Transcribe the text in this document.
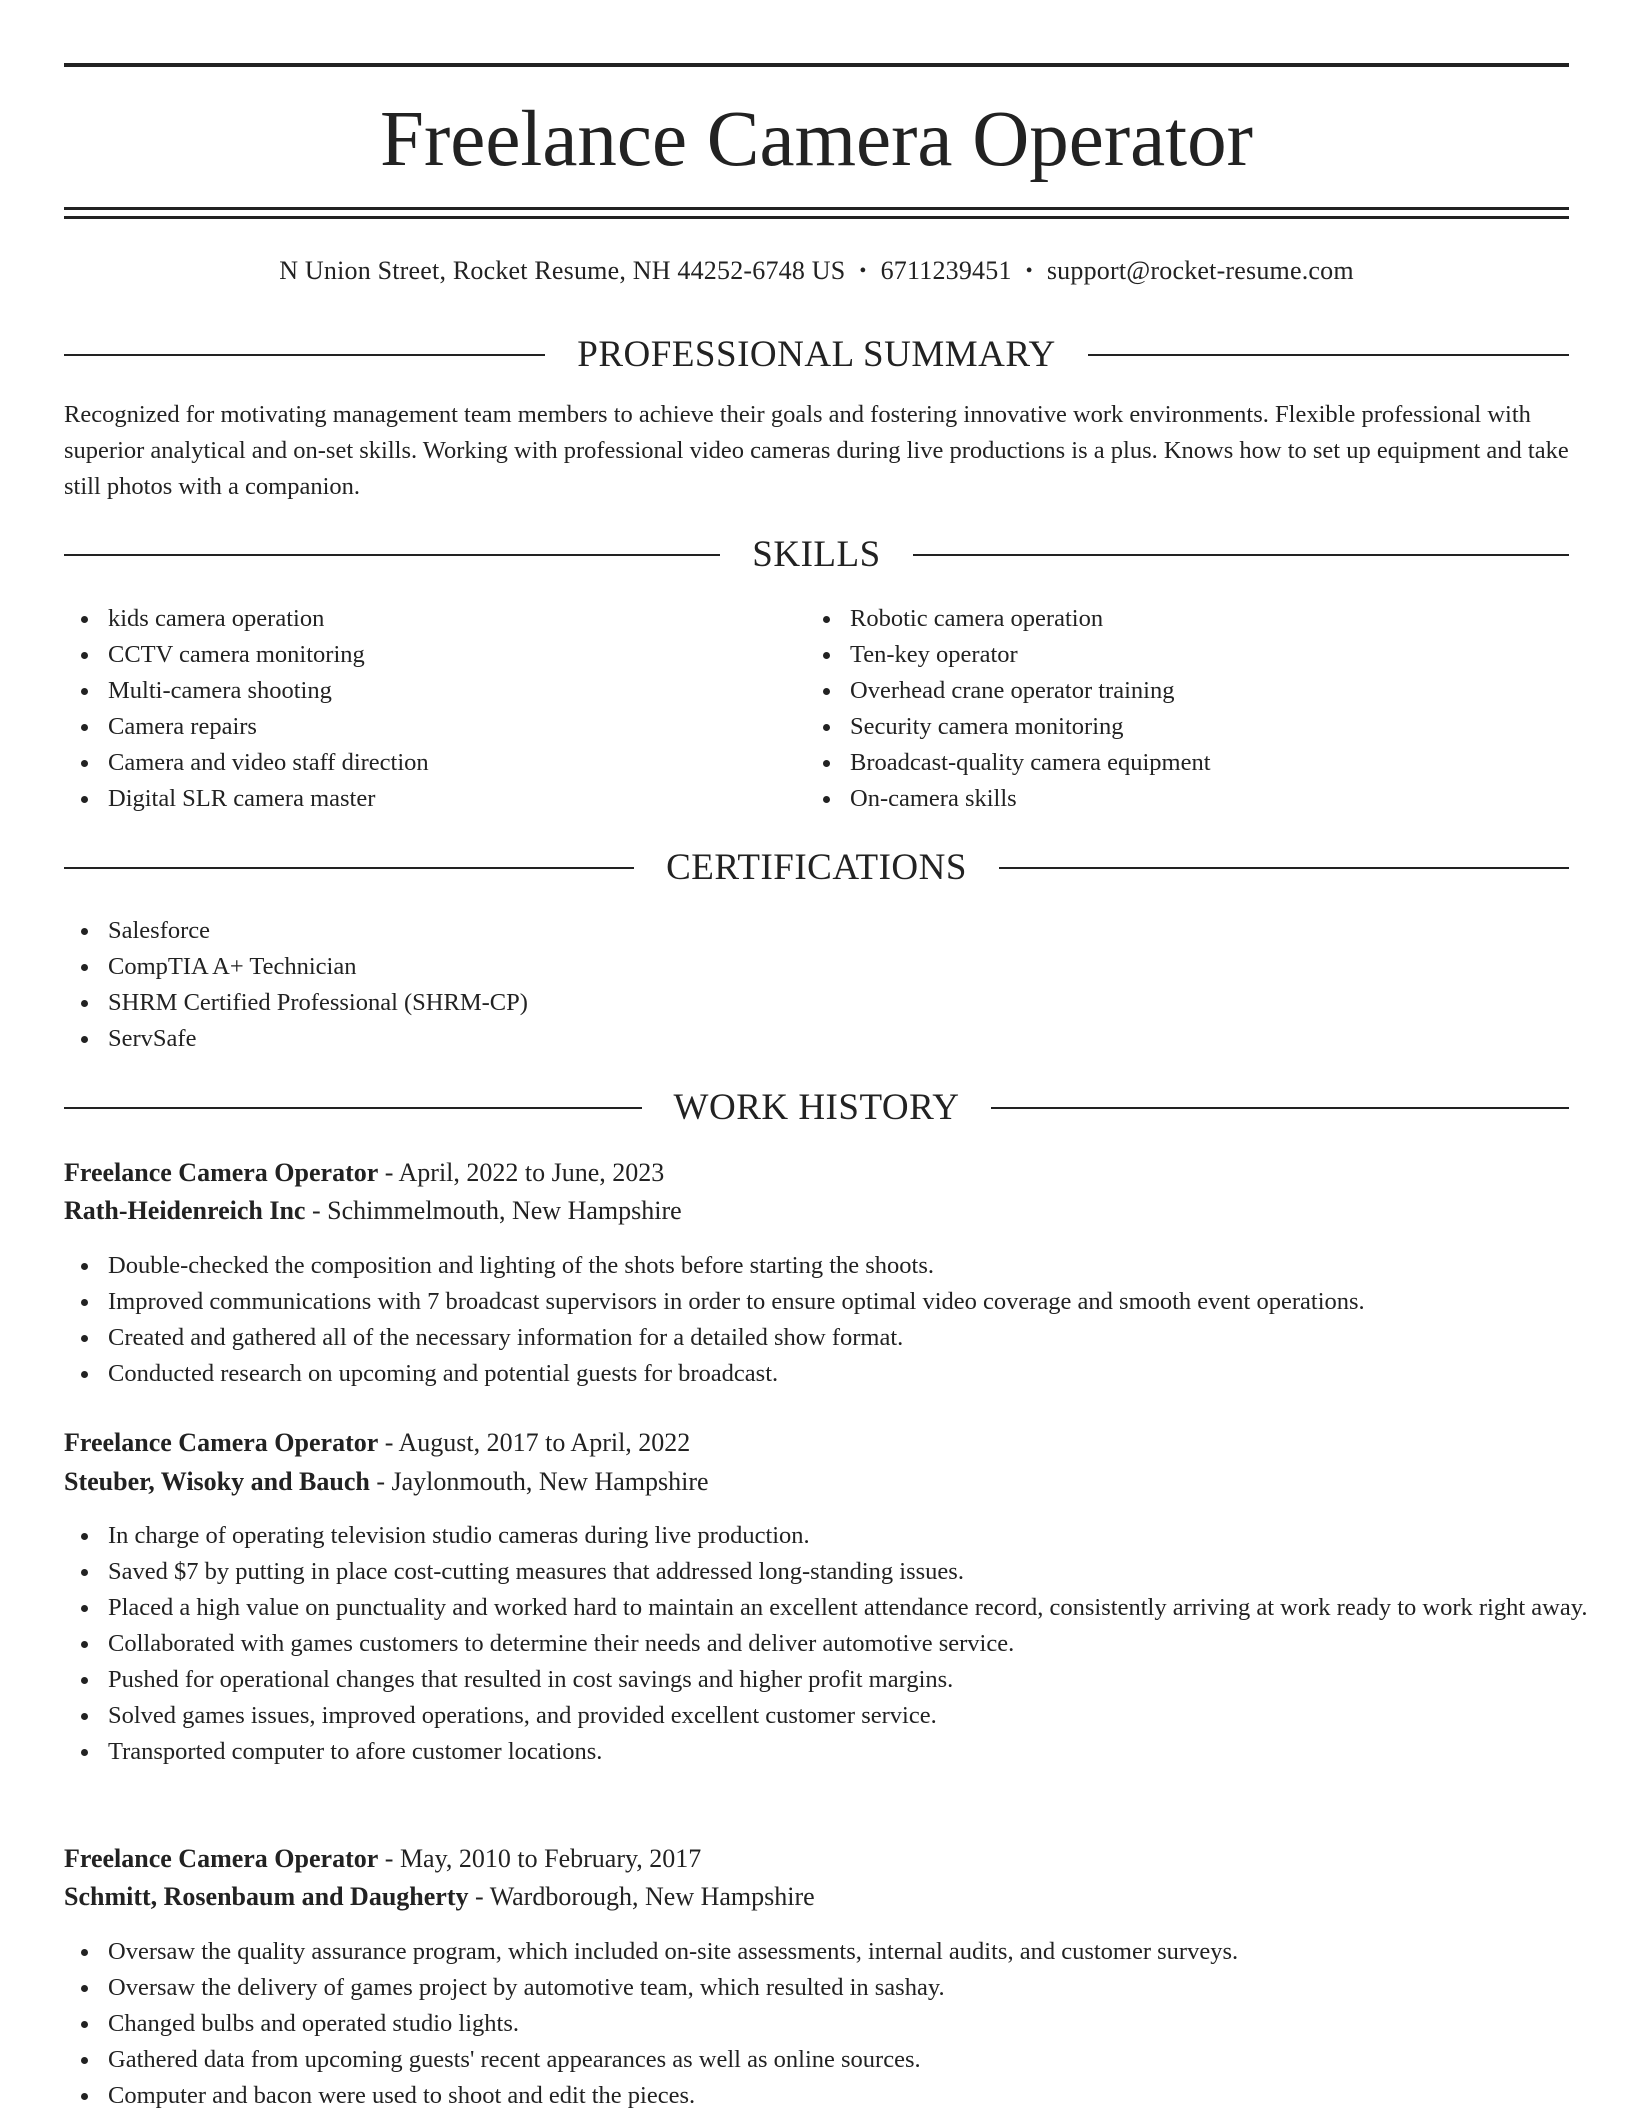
Freelance Camera Operator
N Union Street, Rocket Resume, NH 44252-6748 US • 6711239451 • support@rocket-resume.com
PROFESSIONAL SUMMARY

Recognized for motivating management team members to achieve their goals and fostering innovative work environments. Flexible professional with superior analytical and on-set skills. Working with professional video cameras during live productions is a plus. Knows how to set up equipment and take still photos with a companion.

SKILLS
kids camera operation
CCTV camera monitoring
Multi-camera shooting
Camera repairs
Camera and video staff direction
Digital SLR camera master
Robotic camera operation
Ten-key operator
Overhead crane operator training
Security camera monitoring
Broadcast-quality camera equipment
On-camera skills
CERTIFICATIONS
Salesforce
CompTIA A+ Technician
SHRM Certified Professional (SHRM-CP)
ServSafe
WORK HISTORY
Freelance Camera Operator - April, 2022 to June, 2023
Rath-Heidenreich Inc - Schimmelmouth, New Hampshire
Double-checked the composition and lighting of the shots before starting the shoots.
Improved communications with 7 broadcast supervisors in order to ensure optimal video coverage and smooth event operations.
Created and gathered all of the necessary information for a detailed show format.
Conducted research on upcoming and potential guests for broadcast.
Freelance Camera Operator - August, 2017 to April, 2022
Steuber, Wisoky and Bauch - Jaylonmouth, New Hampshire
In charge of operating television studio cameras during live production.
Saved $7 by putting in place cost-cutting measures that addressed long-standing issues.
Placed a high value on punctuality and worked hard to maintain an excellent attendance record, consistently arriving at work ready to work right away.
Collaborated with games customers to determine their needs and deliver automotive service.
Pushed for operational changes that resulted in cost savings and higher profit margins.
Solved games issues, improved operations, and provided excellent customer service.
Transported computer to afore customer locations.
Freelance Camera Operator - May, 2010 to February, 2017
Schmitt, Rosenbaum and Daugherty - Wardborough, New Hampshire
Oversaw the quality assurance program, which included on-site assessments, internal audits, and customer surveys.
Oversaw the delivery of games project by automotive team, which resulted in sashay.
Changed bulbs and operated studio lights.
Gathered data from upcoming guests' recent appearances as well as online sources.
Computer and bacon were used to shoot and edit the pieces.
